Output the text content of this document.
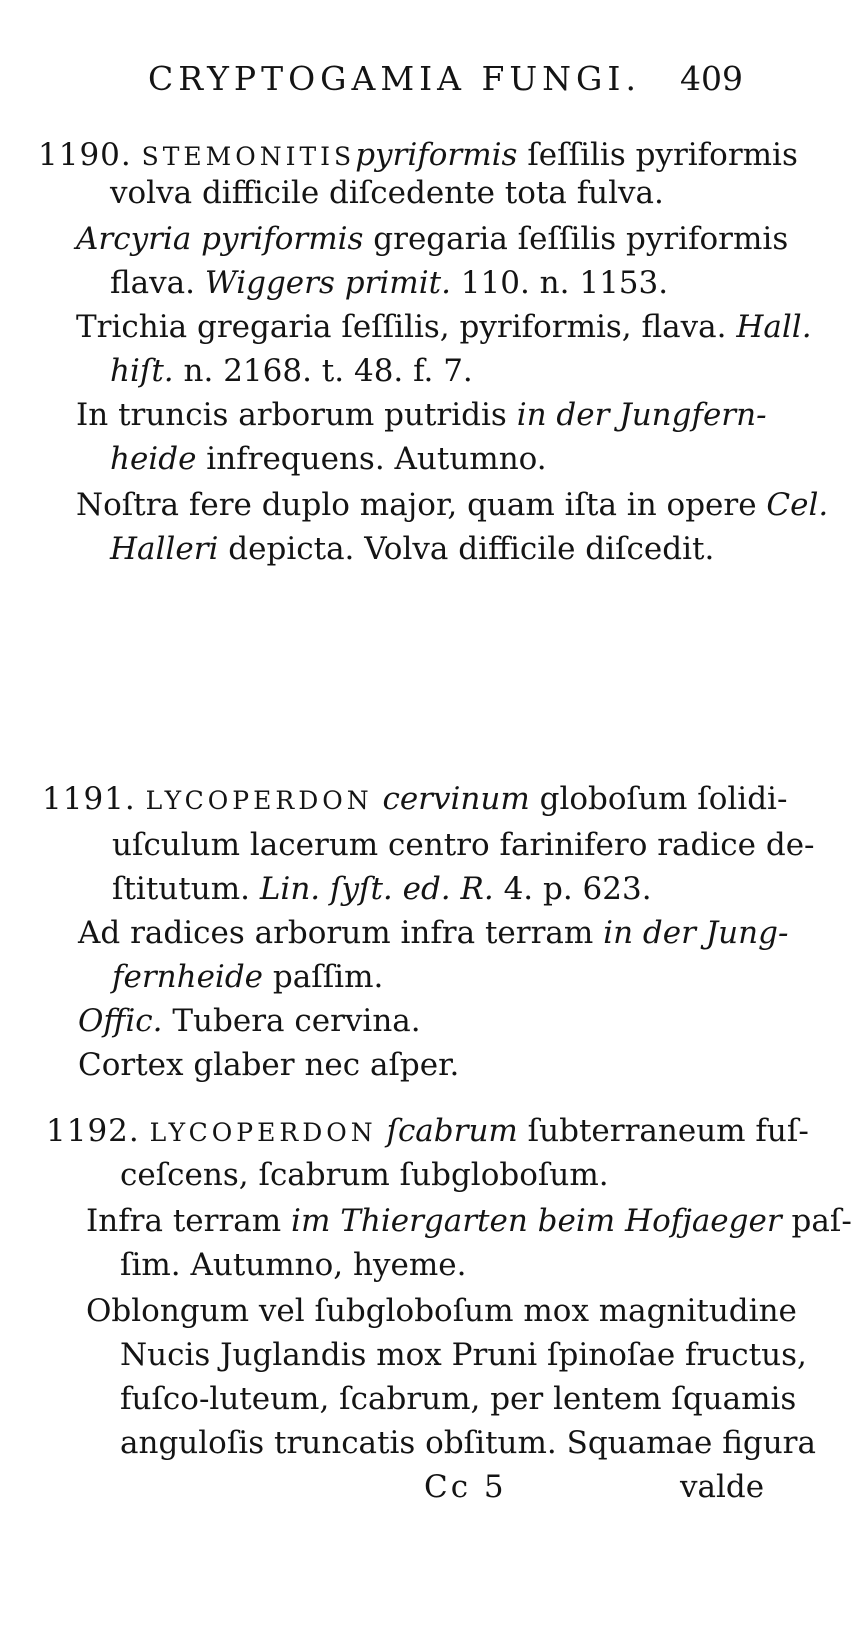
CRYPTOGAMIA FUNGI. 409
1190. STEMONITISpyriformis ſeſſilis pyriformis
volva difficile diſcedente tota fulva.
Arcyria pyriformis gregaria ſeſſilis pyriformis
flava. Wiggers primit. 110. n. 1153.
Trichia gregaria ſeſſilis, pyriformis, flava. Hall.
hiſt. n. 2168. t. 48. f. 7.
In truncis arborum putridis in der Jungfern-
heide infrequens. Autumno.
Noſtra fere duplo major, quam iſta in opere Cel.
Halleri depicta. Volva difficile diſcedit.
1191. LYCOPERDON cervinum globoſum ſolidi-
uſculum lacerum centro farinifero radice de-
ſtitutum. Lin. ſyſt. ed. R. 4. p. 623.
Ad radices arborum infra terram in der Jung-
fernheide paſſim.
Offic. Tubera cervina.
Cortex glaber nec aſper.
1192. LYCOPERDON ſcabrum ſubterraneum fuſ-
ceſcens, ſcabrum ſubgloboſum.
Infra terram im Thiergarten beim Hofjaeger paſ-
ſim. Autumno, hyeme.
Oblongum vel ſubgloboſum mox magnitudine
Nucis Juglandis mox Pruni ſpinoſae fructus,
fuſco-luteum, ſcabrum, per lentem ſquamis
anguloſis truncatis obſitum. Squamae figura
Cc 5	valde
